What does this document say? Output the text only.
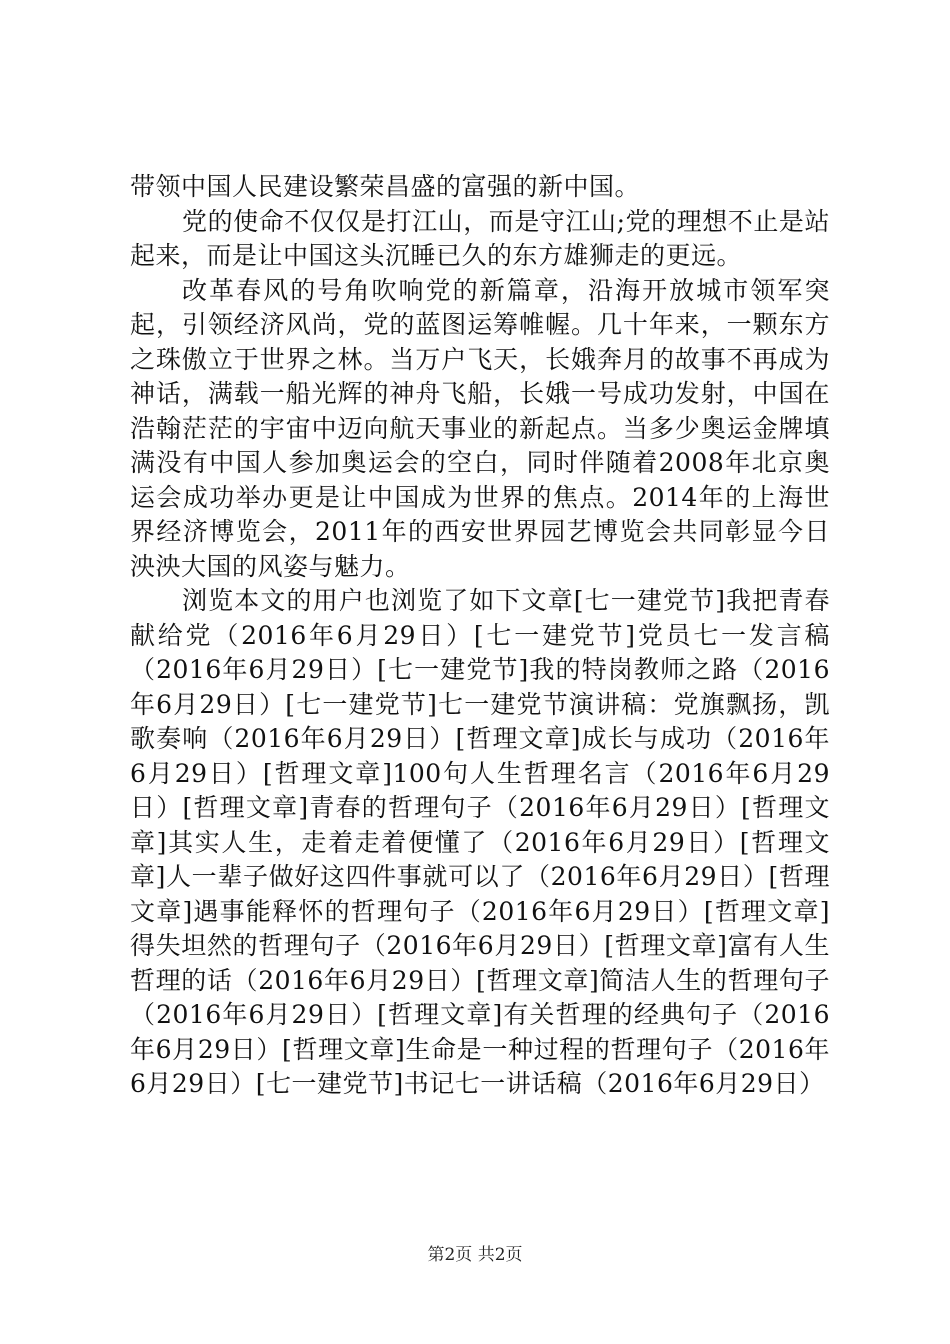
带领中国人民建设繁荣昌盛的富强的新中国。

党的使命不仅仅是打江山，而是守江山;党的理想不止是站起来，而是让中国这头沉睡已久的东方雄狮走的更远。

改革春风的号角吹响党的新篇章，沿海开放城市领军突起，引领经济风尚，党的蓝图运筹帷幄。几十年来，一颗东方之珠傲立于世界之林。当万户飞天，长娥奔月的故事不再成为神话，满载一船光辉的神舟飞船，长娥一号成功发射，中国在浩翰茫茫的宇宙中迈向航天事业的新起点。当多少奥运金牌填满没有中国人参加奥运会的空白，同时伴随着2008年北京奥运会成功举办更是让中国成为世界的焦点。2014年的上海世界经济博览会，2011年的西安世界园艺博览会共同彰显今日泱泱大国的风姿与魅力。

浏览本文的用户也浏览了如下文章[七一建党节]我把青春献给党（2016年6月29日）[七一建党节]党员七一发言稿（2016年6月29日）[七一建党节]我的特岗教师之路（2016年6月29日）[七一建党节]七一建党节演讲稿：党旗飘扬，凯歌奏响（2016年6月29日）[哲理文章]成长与成功（2016年6月29日）[哲理文章]100句人生哲理名言（2016年6月29日）[哲理文章]青春的哲理句子（2016年6月29日）[哲理文章]其实人生，走着走着便懂了（2016年6月29日）[哲理文章]人一辈子做好这四件事就可以了（2016年6月29日）[哲理文章]遇事能释怀的哲理句子（2016年6月29日）[哲理文章]得失坦然的哲理句子（2016年6月29日）[哲理文章]富有人生哲理的话（2016年6月29日）[哲理文章]简洁人生的哲理句子（2016年6月29日）[哲理文章]有关哲理的经典句子（2016年6月29日）[哲理文章]生命是一种过程的哲理句子（2016年6月29日）[七一建党节]书记七一讲话稿（2016年6月29日）

第2页 共2页
